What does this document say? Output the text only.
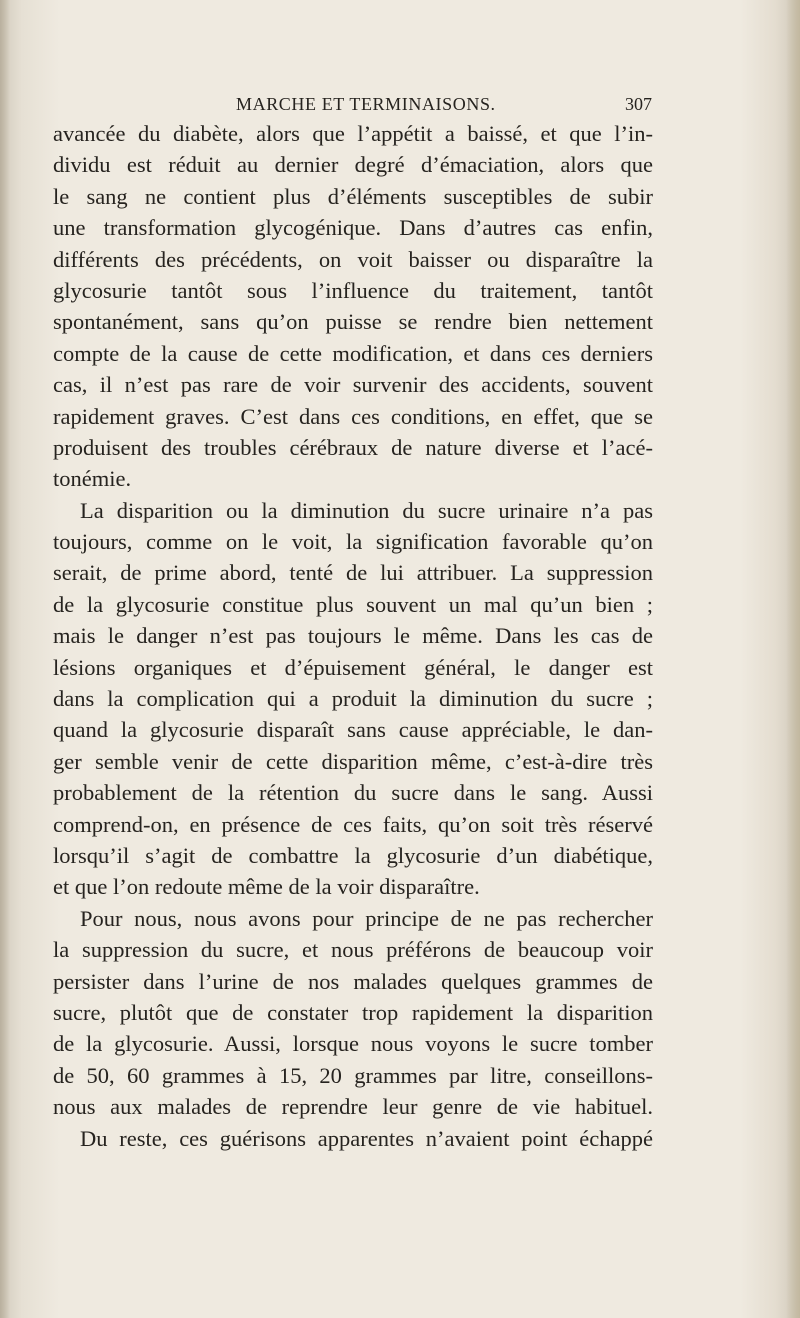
MARCHE ET TERMINAISONS.	307
avancée du diabète, alors que l’appétit a baissé, et que l’in-
dividu est réduit au dernier degré d’émaciation, alors que
le sang ne contient plus d’éléments susceptibles de subir
une transformation glycogénique. Dans d’autres cas enfin,
différents des précédents, on voit baisser ou disparaître la
glycosurie tantôt sous l’influence du traitement, tantôt
spontanément, sans qu’on puisse se rendre bien nettement
compte de la cause de cette modification, et dans ces derniers
cas, il n’est pas rare de voir survenir des accidents, souvent
rapidement graves. C’est dans ces conditions, en effet, que se
produisent des troubles cérébraux de nature diverse et l’acé-
tonémie.
La disparition ou la diminution du sucre urinaire n’a pas
toujours, comme on le voit, la signification favorable qu’on
serait, de prime abord, tenté de lui attribuer. La suppression
de la glycosurie constitue plus souvent un mal qu’un bien ;
mais le danger n’est pas toujours le même. Dans les cas de
lésions organiques et d’épuisement général, le danger est
dans la complication qui a produit la diminution du sucre ;
quand la glycosurie disparaît sans cause appréciable, le dan-
ger semble venir de cette disparition même, c’est-à-dire très
probablement de la rétention du sucre dans le sang. Aussi
comprend-on, en présence de ces faits, qu’on soit très réservé
lorsqu’il s’agit de combattre la glycosurie d’un diabétique,
et que l’on redoute même de la voir disparaître.
Pour nous, nous avons pour principe de ne pas rechercher
la suppression du sucre, et nous préférons de beaucoup voir
persister dans l’urine de nos malades quelques grammes de
sucre, plutôt que de constater trop rapidement la disparition
de la glycosurie. Aussi, lorsque nous voyons le sucre tomber
de 50, 60 grammes à 15, 20 grammes par litre, conseillons-
nous aux malades de reprendre leur genre de vie habituel.
Du reste, ces guérisons apparentes n’avaient point échappé
